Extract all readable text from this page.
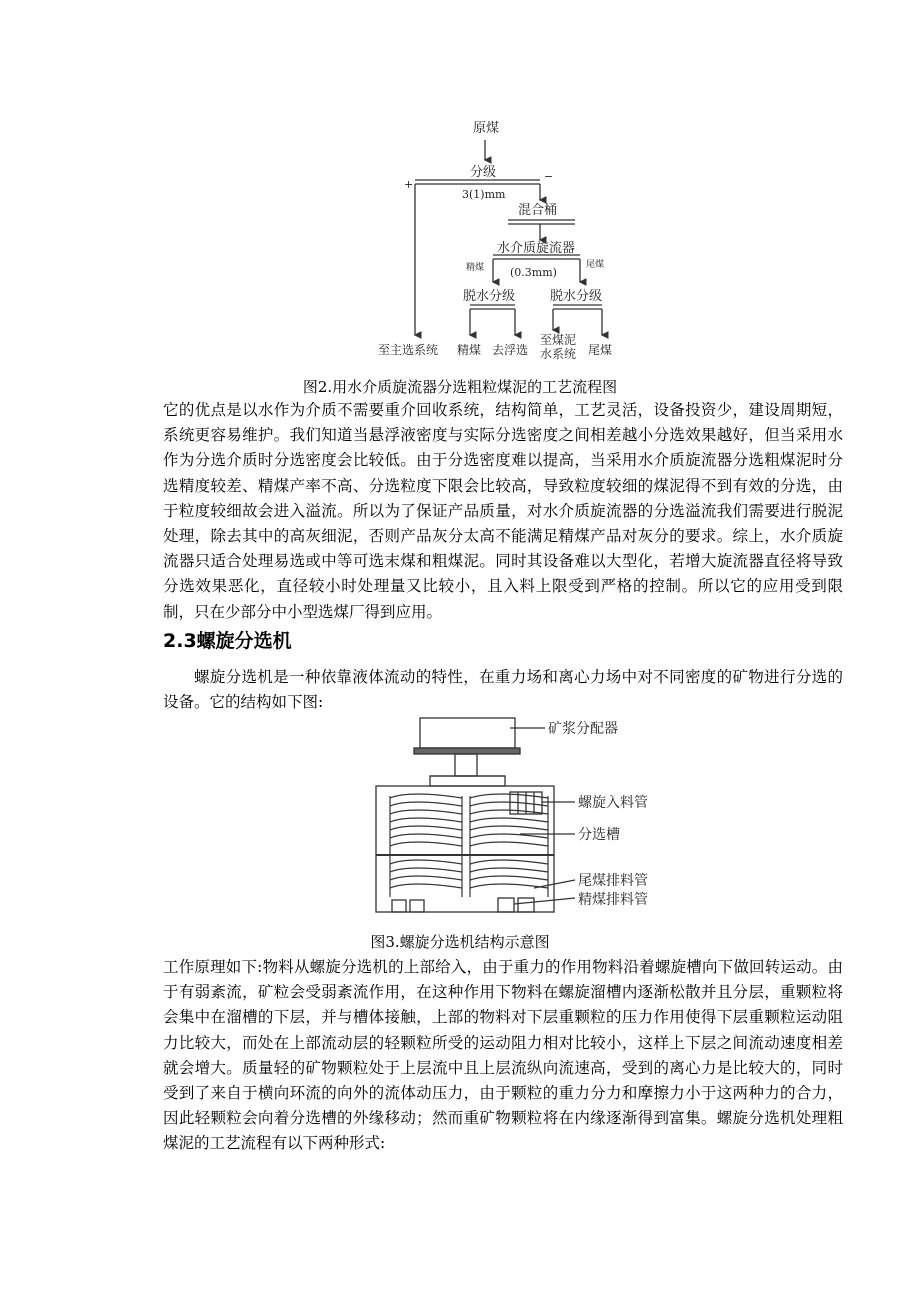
原煤
分级
+
−
3(1)mm
混合桶
水介质旋流器
精煤	尾煤
(0.3mm)
脱水分级	脱水分级
至主选系统 精煤 去浮选
至煤泥
水系统 尾煤
图2.用水介质旋流器分选粗粒煤泥的工艺流程图

它的优点是以水作为介质不需要重介回收系统，结构简单，工艺灵活，设备投资少，建设周期短，系统更容易维护。我们知道当悬浮液密度与实际分选密度之间相差越小分选效果越好，但当采用水作为分选介质时分选密度会比较低。由于分选密度难以提高，当采用水介质旋流器分选粗煤泥时分选精度较差、精煤产率不高、分选粒度下限会比较高，导致粒度较细的煤泥得不到有效的分选，由于粒度较细故会进入溢流。所以为了保证产品质量，对水介质旋流器的分选溢流我们需要进行脱泥处理，除去其中的高灰细泥，否则产品灰分太高不能满足精煤产品对灰分的要求。综上，水介质旋流器只适合处理易选或中等可选末煤和粗煤泥。同时其设备难以大型化，若增大旋流器直径将导致分选效果恶化，直径较小时处理量又比较小，且入料上限受到严格的控制。所以它的应用受到限制，只在少部分中小型选煤厂得到应用。

2.3螺旋分选机

螺旋分选机是一种依靠液体流动的特性，在重力场和离心力场中对不同密度的矿物进行分选的设备。它的结构如下图:

矿浆分配器
螺旋入料管
分选槽
尾煤排料管
精煤排料管
图3.螺旋分选机结构示意图

工作原理如下:物料从螺旋分选机的上部给入，由于重力的作用物料沿着螺旋槽向下做回转运动。由于有弱紊流，矿粒会受弱紊流作用，在这种作用下物料在螺旋溜槽内逐渐松散并且分层，重颗粒将会集中在溜槽的下层，并与槽体接触，上部的物料对下层重颗粒的压力作用使得下层重颗粒运动阻力比较大，而处在上部流动层的轻颗粒所受的运动阻力相对比较小，这样上下层之间流动速度相差就会增大。质量轻的矿物颗粒处于上层流中且上层流纵向流速高，受到的离心力是比较大的，同时受到了来自于横向环流的向外的流体动压力，由于颗粒的重力分力和摩擦力小于这两种力的合力，因此轻颗粒会向着分选槽的外缘移动；然而重矿物颗粒将在内缘逐渐得到富集。螺旋分选机处理粗煤泥的工艺流程有以下两种形式:
